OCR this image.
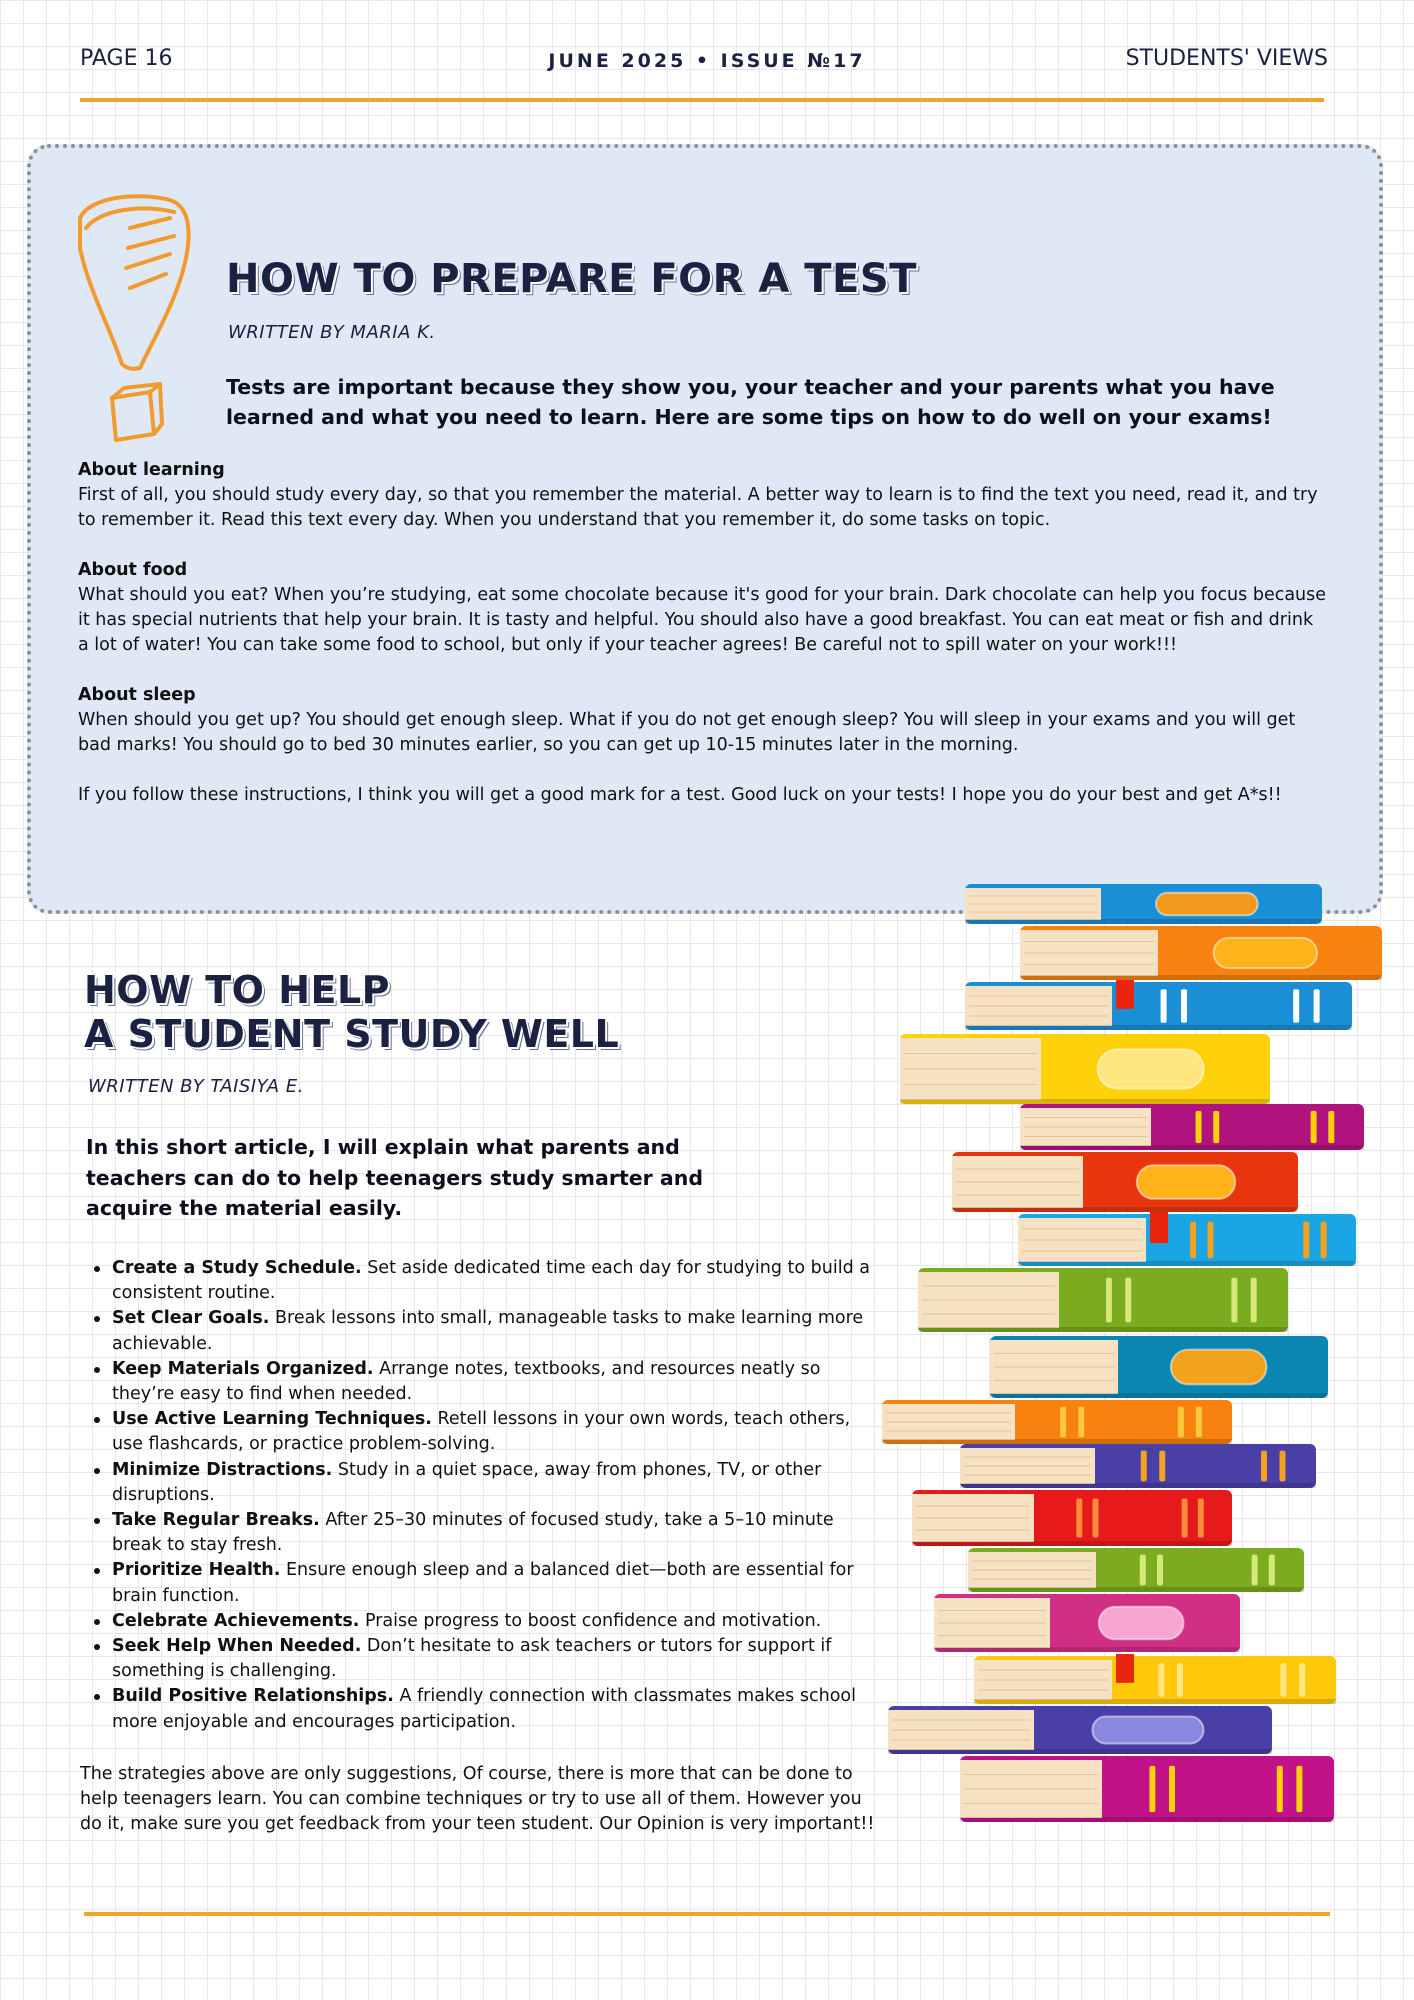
PAGE 16	JUNE 2025 • ISSUE №17	STUDENTS' VIEWS
HOW TO PREPARE FOR A TEST
WRITTEN BY MARIA K.
Tests are important because they show you, your teacher and your parents what you have learned and what you need to learn. Here are some tips on how to do well on your exams!
About learning

First of all, you should study every day, so that you remember the material. A better way to learn is to find the text you need, read it, and try to remember it. Read this text every day. When you understand that you remember it, do some tasks on topic.

About food

What should you eat? When you’re studying, eat some chocolate because it's good for your brain. Dark chocolate can help you focus because it has special nutrients that help your brain. It is tasty and helpful. You should also have a good breakfast. You can eat meat or fish and drink a lot of water! You can take some food to school, but only if your teacher agrees! Be careful not to spill water on your work!!!

About sleep

When should you get up? You should get enough sleep. What if you do not get enough sleep? You will sleep in your exams and you will get bad marks! You should go to bed 30 minutes earlier, so you can get up 10-15 minutes later in the morning.

If you follow these instructions, I think you will get a good mark for a test. Good luck on your tests! I hope you do your best and get A*s!!

HOW TO HELP
A STUDENT STUDY WELL
WRITTEN BY TAISIYA E.
In this short article, I will explain what parents and teachers can do to help teenagers study smarter and acquire the material easily.
Create a Study Schedule. Set aside dedicated time each day for studying to build a consistent routine.
Set Clear Goals. Break lessons into small, manageable tasks to make learning more achievable.
Keep Materials Organized. Arrange notes, textbooks, and resources neatly so they’re easy to find when needed.
Use Active Learning Techniques. Retell lessons in your own words, teach others, use flashcards, or practice problem-solving.
Minimize Distractions. Study in a quiet space, away from phones, TV, or other disruptions.
Take Regular Breaks. After 25–30 minutes of focused study, take a 5–10 minute break to stay fresh.
Prioritize Health. Ensure enough sleep and a balanced diet—both are essential for brain function.
Celebrate Achievements. Praise progress to boost confidence and motivation.
Seek Help When Needed. Don’t hesitate to ask teachers or tutors for support if something is challenging.
Build Positive Relationships. A friendly connection with classmates makes school more enjoyable and encourages participation.
The strategies above are only suggestions, Of course, there is more that can be done to help teenagers learn. You can combine techniques or try to use all of them. However you do it, make sure you get feedback from your teen student. Our Opinion is very important!!
